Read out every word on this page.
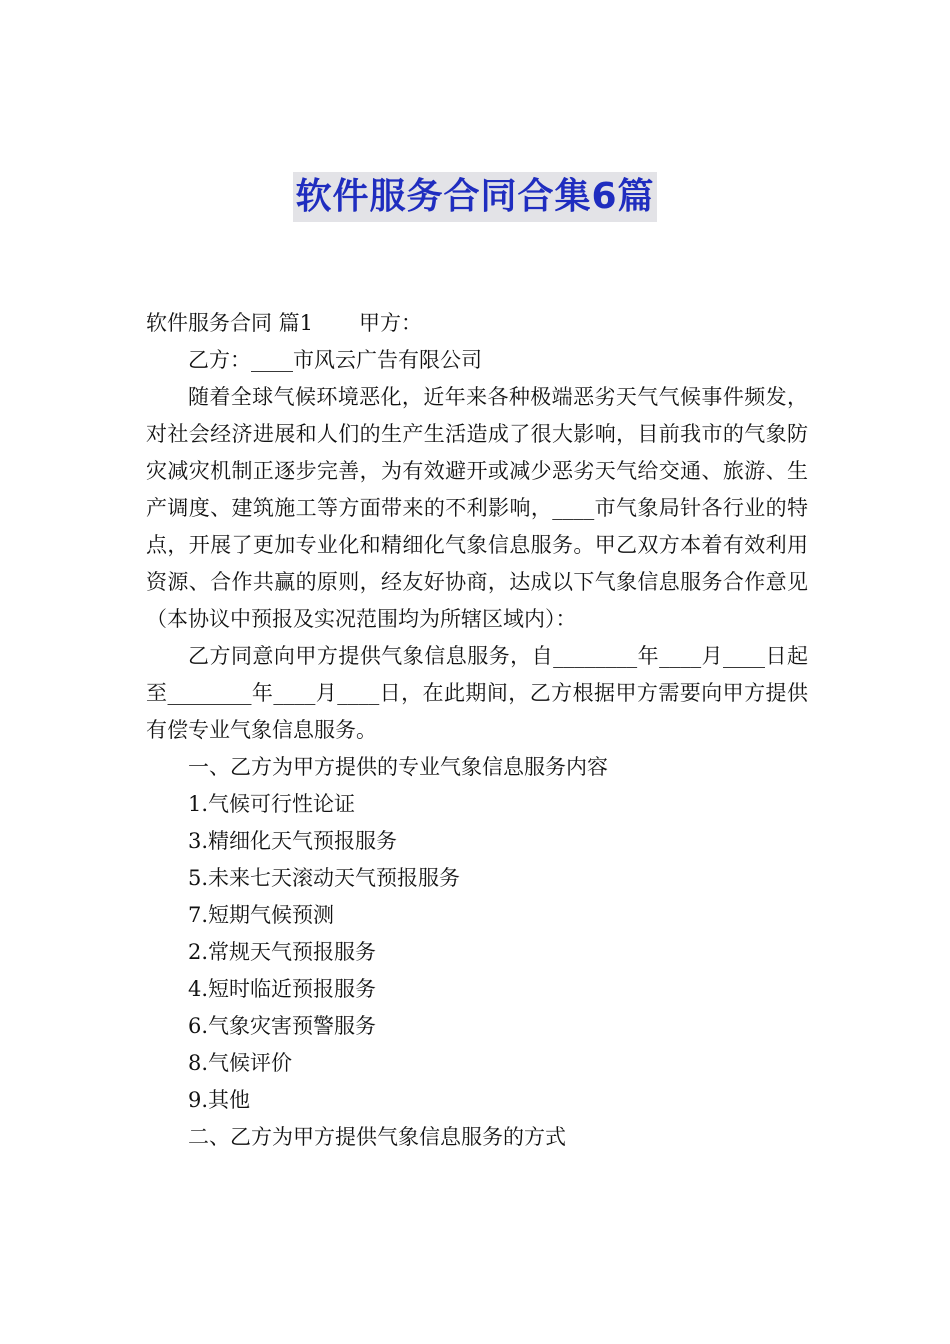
软件服务合同合集6篇
软件服务合同 篇1 甲方：
乙方：____市风云广告有限公司
随着全球气候环境恶化，近年来各种极端恶劣天气气候事件频发，对社会经济进展和人们的生产生活造成了很大影响，目前我市的气象防灾减灾机制正逐步完善，为有效避开或减少恶劣天气给交通、旅游、生产调度、建筑施工等方面带来的不利影响，____市气象局针各行业的特点，开展了更加专业化和精细化气象信息服务。甲乙双方本着有效利用资源、合作共赢的原则，经友好协商，达成以下气象信息服务合作意见（本协议中预报及实况范围均为所辖区域内）：
乙方同意向甲方提供气象信息服务，自________年____月____日起至________年____月____日，在此期间，乙方根据甲方需要向甲方提供有偿专业气象信息服务。
一、乙方为甲方提供的专业气象信息服务内容
1.气候可行性论证
3.精细化天气预报服务
5.未来七天滚动天气预报服务
7.短期气候预测
2.常规天气预报服务
4.短时临近预报服务
6.气象灾害预警服务
8.气候评价
9.其他
二、乙方为甲方提供气象信息服务的方式
